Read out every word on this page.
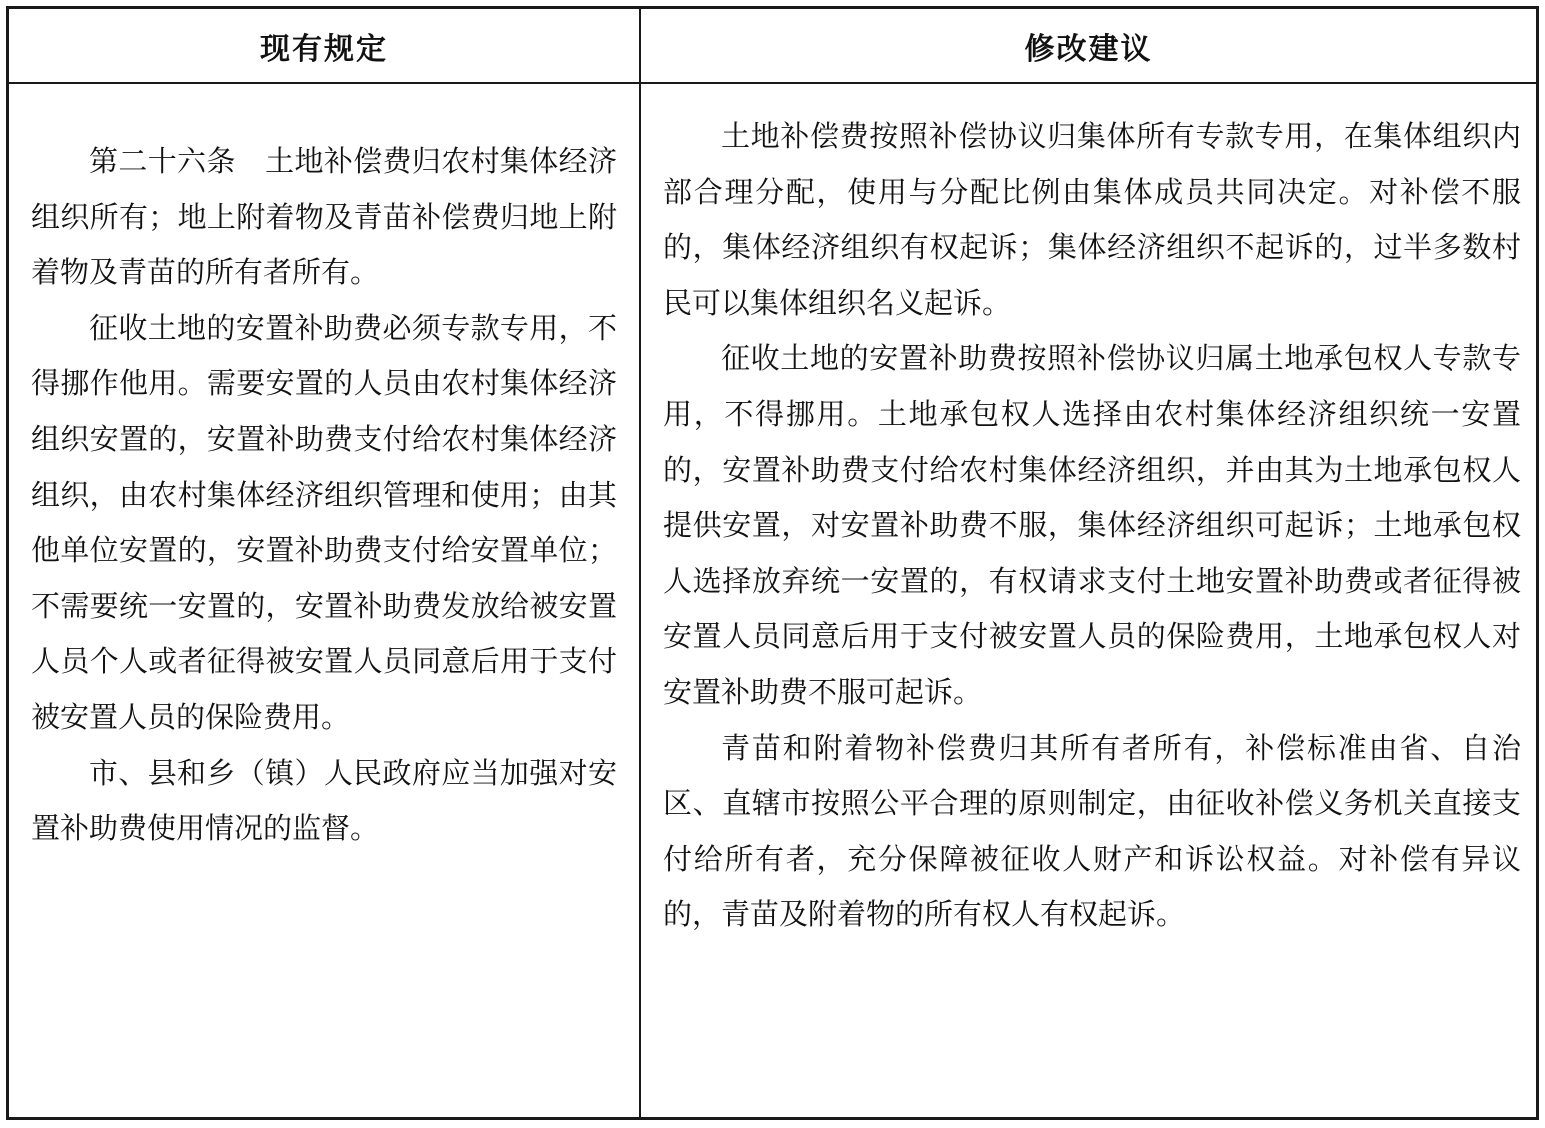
现有规定	修改建议

第二十六条　土地补偿费归农村集体经济组织所有；地上附着物及青苗补偿费归地上附着物及青苗的所有者所有。

征收土地的安置补助费必须专款专用，不得挪作他用。需要安置的人员由农村集体经济组织安置的，安置补助费支付给农村集体经济组织，由农村集体经济组织管理和使用；由其他单位安置的，安置补助费支付给安置单位；不需要统一安置的，安置补助费发放给被安置人员个人或者征得被安置人员同意后用于支付被安置人员的保险费用。

市、县和乡（镇）人民政府应当加强对安置补助费使用情况的监督。

土地补偿费按照补偿协议归集体所有专款专用，在集体组织内部合理分配，使用与分配比例由集体成员共同决定。对补偿不服的，集体经济组织有权起诉；集体经济组织不起诉的，过半多数村民可以集体组织名义起诉。

征收土地的安置补助费按照补偿协议归属土地承包权人专款专用，不得挪用。土地承包权人选择由农村集体经济组织统一安置的，安置补助费支付给农村集体经济组织，并由其为土地承包权人提供安置，对安置补助费不服，集体经济组织可起诉；土地承包权人选择放弃统一安置的，有权请求支付土地安置补助费或者征得被安置人员同意后用于支付被安置人员的保险费用，土地承包权人对安置补助费不服可起诉。

青苗和附着物补偿费归其所有者所有，补偿标准由省、自治区、直辖市按照公平合理的原则制定，由征收补偿义务机关直接支付给所有者，充分保障被征收人财产和诉讼权益。对补偿有异议的，青苗及附着物的所有权人有权起诉。
